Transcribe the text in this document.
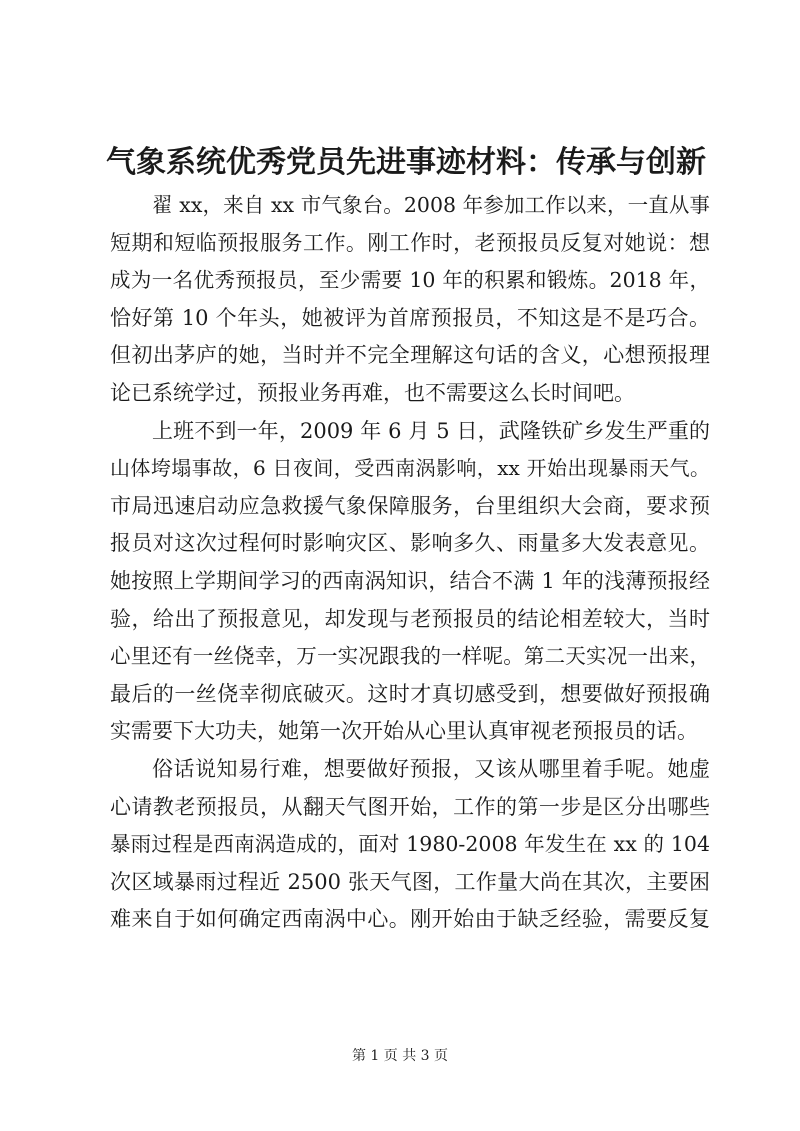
气象系统优秀党员先进事迹材料：传承与创新
翟 xx，来自 xx 市气象台。2008 年参加工作以来，一直从事
短期和短临预报服务工作。刚工作时，老预报员反复对她说：想
成为一名优秀预报员，至少需要 10 年的积累和锻炼。2018 年，
恰好第 10 个年头，她被评为首席预报员，不知这是不是巧合。
但初出茅庐的她，当时并不完全理解这句话的含义，心想预报理
论已系统学过，预报业务再难，也不需要这么长时间吧。
上班不到一年，2009 年 6 月 5 日，武隆铁矿乡发生严重的
山体垮塌事故，6 日夜间，受西南涡影响，xx 开始出现暴雨天气。
市局迅速启动应急救援气象保障服务，台里组织大会商，要求预
报员对这次过程何时影响灾区、影响多久、雨量多大发表意见。
她按照上学期间学习的西南涡知识，结合不满 1 年的浅薄预报经
验，给出了预报意见，却发现与老预报员的结论相差较大，当时
心里还有一丝侥幸，万一实况跟我的一样呢。第二天实况一出来，
最后的一丝侥幸彻底破灭。这时才真切感受到，想要做好预报确
实需要下大功夫，她第一次开始从心里认真审视老预报员的话。
俗话说知易行难，想要做好预报，又该从哪里着手呢。她虚
心请教老预报员，从翻天气图开始，工作的第一步是区分出哪些
暴雨过程是西南涡造成的，面对 1980-2008 年发生在 xx 的 104
次区域暴雨过程近 2500 张天气图，工作量大尚在其次，主要困
难来自于如何确定西南涡中心。刚开始由于缺乏经验，需要反复
第 1 页 共 3 页
